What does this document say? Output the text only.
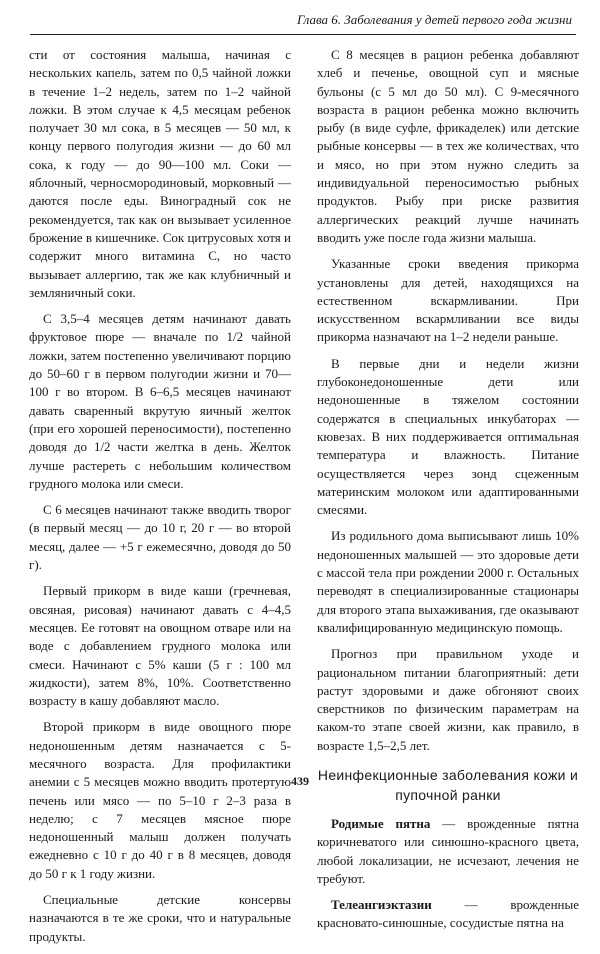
Глава 6. Заболевания у детей первого года жизни

сти от состояния малыша, начиная с нескольких капель, затем по 0,5 чайной ложки в течение 1–2 недель, затем по 1–2 чайной ложки. В этом случае к 4,5 месяцам ребенок получает 30 мл сока, в 5 месяцев — 50 мл, к концу первого полугодия жизни — до 60 мл сока, к году — до 90—100 мл. Соки — яблочный, черносмородиновый, морковный — даются после еды. Виноградный сок не рекомендуется, так как он вызывает усиленное брожение в кишечнике. Сок цитрусовых хотя и содержит много витамина С, но часто вызывает аллергию, так же как клубничный и земляничный соки.

С 3,5–4 месяцев детям начинают давать фруктовое пюре — вначале по 1/2 чайной ложки, затем постепенно увеличивают порцию до 50–60 г в первом полугодии жизни и 70—100 г во втором. В 6–6,5 месяцев начинают давать сваренный вкрутую яичный желток (при его хорошей переносимости), постепенно доводя до 1/2 части желтка в день. Желток лучше растереть с небольшим количеством грудного молока или смеси.

С 6 месяцев начинают также вводить творог (в первый месяц — до 10 г, 20 г — во второй месяц, далее — +5 г ежемесячно, доводя до 50 г).

Первый прикорм в виде каши (гречневая, овсяная, рисовая) начинают давать с 4–4,5 месяцев. Ее готовят на овощном отваре или на воде с добавлением грудного молока или смеси. Начинают с 5% каши (5 г : 100 мл жидкости), затем 8%, 10%. Соответственно возрасту в кашу добавляют масло.

Второй прикорм в виде овощного пюре недоношенным детям назначается с 5-месячного возраста. Для профилактики анемии с 5 месяцев можно вводить протертую печень или мясо — по 5–10 г 2–3 раза в неделю; с 7 месяцев мясное пюре недоношенный малыш должен получать ежедневно с 10 г до 40 г в 8 месяцев, доводя до 50 г к 1 году жизни.

Специальные детские консервы назначаются в те же сроки, что и натуральные продукты.

С 8 месяцев в рацион ребенка добавляют хлеб и печенье, овощной суп и мясные бульоны (с 5 мл до 50 мл). С 9-месячного возраста в рацион ребенка можно включить рыбу (в виде суфле, фрикаделек) или детские рыбные консервы — в тех же количествах, что и мясо, но при этом нужно следить за индивидуальной переносимостью рыбных продуктов. Рыбу при риске развития аллергических реакций лучше начинать вводить уже после года жизни малыша.

Указанные сроки введения прикорма установлены для детей, находящихся на естественном вскармливании. При искусственном вскармливании все виды прикорма назначают на 1–2 недели раньше.

В первые дни и недели жизни глубоконедоношенные дети или недоношенные в тяжелом состоянии содержатся в специальных инкубаторах — кювезах. В них поддерживается оптимальная температура и влажность. Питание осуществляется через зонд сцеженным материнским молоком или адаптированными смесями.

Из родильного дома выписывают лишь 10% недоношенных малышей — это здоровые дети с массой тела при рождении 2000 г. Остальных переводят в специализированные стационары для второго этапа выхаживания, где оказывают квалифицированную медицинскую помощь.

Прогноз при правильном уходе и рациональном питании благоприятный: дети растут здоровыми и даже обгоняют своих сверстников по физическим параметрам на каком-то этапе своей жизни, как правило, в возрасте 1,5–2,5 лет.

Неинфекционные заболевания кожи и пупочной ранки

Родимые пятна — врожденные пятна коричневатого или синюшно-красного цвета, любой локализации, не исчезают, лечения не требуют.

Телеангиэктазии — врожденные красновато-синюшные, сосудистые пятна на

439
